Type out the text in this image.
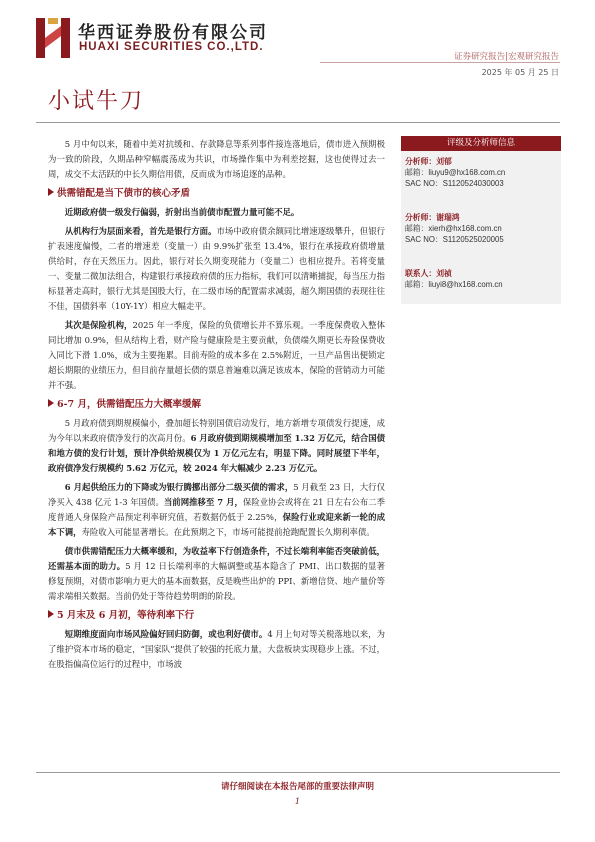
华西证券股份有限公司
HUAXI SECURITIES CO.,LTD.
证券研究报告|宏观研究报告
2025 年 05 月 25 日
小试牛刀
评级及分析师信息
分析师：刘郁
邮箱：liuyu9@hx168.com.cn
SAC NO：S1120524030003
分析师：谢瑞鸿
邮箱：xierh@hx168.com.cn
SAC NO：S1120525020005
联系人：刘祯
邮箱：liuyi8@hx168.com.cn

5 月中旬以来，随着中美对抗缓和、存款降息等系列事件接连落地后，债市进入预期极为一致的阶段，久期品种窄幅震荡成为共识，市场操作集中为利差挖掘，这也使得过去一周，成交不太活跃的中长久期信用债，反而成为市场追逐的品种。

供需错配是当下债市的核心矛盾

近期政府债一级发行偏弱，折射出当前债市配置力量可能不足。

从机构行为层面来看，首先是银行方面。市场中政府债余额同比增速逐级攀升，但银行扩表速度偏慢，二者的增速差（变量一）由 9.9%扩张至 13.4%，银行在承接政府债增量供给时，存在天然压力。因此，银行对长久期变现能力（变量二）也相应提升。若将变量一、变量二微加法组合，构建银行承接政府债的压力指标，我们可以清晰捕捉，每当压力指标显著走高时，银行尤其是国股大行，在二级市场的配置需求减弱，超久期国债的表现往往不佳，国债斜率（10Y-1Y）相应大幅走平。

其次是保险机构，2025 年一季度，保险的负债增长并不算乐观。一季度保费收入整体同比增加 0.9%，但从结构上看，财产险与健康险是主要贡献，负债端久期更长寿险保费收入同比下滑 1.0%，成为主要拖累。目前寿险的成本多在 2.5%附近，一旦产品售出便锁定超长期限的业绩压力，但目前存量超长债的票息普遍难以满足该成本，保险的营销动力可能并不强。

6-7 月，供需错配压力大概率缓解

5 月政府债到期规模偏小，叠加超长特别国债启动发行，地方新增专项债发行提速，成为今年以来政府债净发行的次高月份。6 月政府债到期规模增加至 1.32 万亿元，结合国债和地方债的发行计划，预计净供给规模仅为 1 万亿元左右，明显下降。同时展望下半年，政府债净发行规模约 5.62 万亿元，较 2024 年大幅减少 2.23 万亿元。

6 月起供给压力的下降或为银行腾挪出部分二级买债的需求，5 月截至 23 日，大行仅净买入 438 亿元 1-3 年国债。当前网推移至 7 月，保险业协会或将在 21 日左右公布二季度普通人身保险产品预定利率研究值，若数据仍低于 2.25%，保险行业或迎来新一轮的成本下调，寿险收入可能显著增长。在此预期之下，市场可能提前抢跑配置长久期利率债。

债市供需错配压力大概率缓和，为收益率下行创造条件，不过长端利率能否突破前低，还需基本面的助力。5 月 12 日长端利率的大幅调整或基本隐含了 PMI、出口数据的显著修复预期，对债市影响力更大的基本面数据，反是晚些出炉的 PPI、新增信贷、地产量价等需求端相关数据。当前仍处于等待趋势明朗的阶段。

5 月末及 6 月初，等待利率下行

短期维度面向市场风险偏好回归防御，或也利好债市。4 月上旬对等关税落地以来，为了维护资本市场的稳定，“国家队”提供了较强的托底力量，大盘板块实现稳步上涨。不过，在股指偏高位运行的过程中，市场波

请仔细阅读在本报告尾部的重要法律声明
1
